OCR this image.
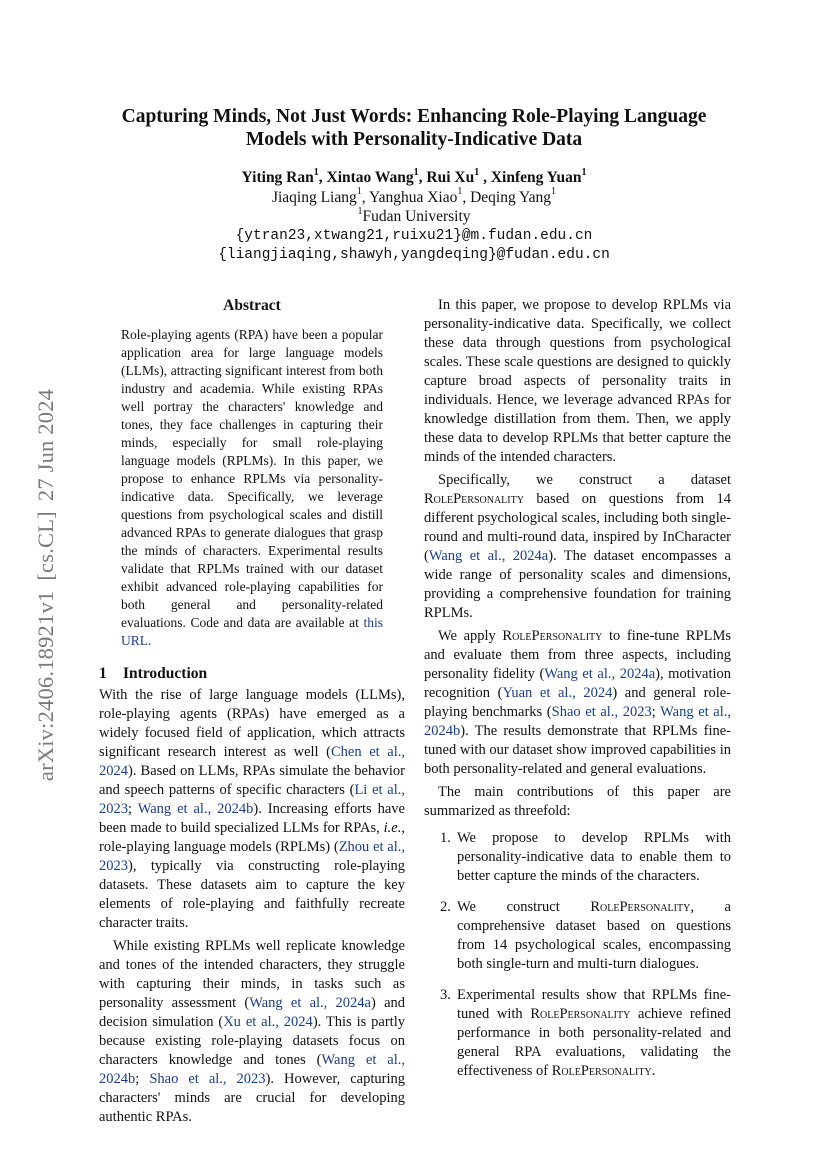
arXiv:2406.18921v1[cs.CL]27 Jun 2024
Capturing Minds, Not Just Words: Enhancing Role-Playing Language Models with Personality-Indicative Data
Yiting Ran$^1$, Xintao Wang$^1$, Rui Xu$^1$ , Xinfeng Yuan$^1$
Jiaqing Liang$^1$, Yanghua Xiao$^1$, Deqing Yang$^1$
$^1$Fudan University
{ytran23,xtwang21,ruixu21}@m.fudan.edu.cn
{liangjiaqing,shawyh,yangdeqing}@fudan.edu.cn
Abstract

Role-playing agents (RPA) have been a popular application area for large language models (LLMs), attracting significant interest from both industry and academia. While existing RPAs well portray the characters' knowledge and tones, they face challenges in capturing their minds, especially for small role-playing language models (RPLMs). In this paper, we propose to enhance RPLMs via personality-indicative data. Specifically, we leverage questions from psychological scales and distill advanced RPAs to generate dialogues that grasp the minds of characters. Experimental results validate that RPLMs trained with our dataset exhibit advanced role-playing capabilities for both general and personality-related evaluations. Code and data are available at this URL.

1 Introduction

With the rise of large language models (LLMs), role-playing agents (RPAs) have emerged as a widely focused field of application, which attracts significant research interest as well (Chen et al., 2024). Based on LLMs, RPAs simulate the behavior and speech patterns of specific characters (Li et al., 2023; Wang et al., 2024b). Increasing efforts have been made to build specialized LLMs for RPAs, i.e., role-playing language models (RPLMs) (Zhou et al., 2023), typically via constructing role-playing datasets. These datasets aim to capture the key elements of role-playing and faithfully recreate character traits.

While existing RPLMs well replicate knowledge and tones of the intended characters, they struggle with capturing their minds, in tasks such as personality assessment (Wang et al., 2024a) and decision simulation (Xu et al., 2024). This is partly because existing role-playing datasets focus on characters knowledge and tones (Wang et al., 2024b; Shao et al., 2023). However, capturing characters' minds are crucial for developing authentic RPAs.

In this paper, we propose to develop RPLMs via personality-indicative data. Specifically, we collect these data through questions from psychological scales. These scale questions are designed to quickly capture broad aspects of personality traits in individuals. Hence, we leverage advanced RPAs for knowledge distillation from them. Then, we apply these data to develop RPLMs that better capture the minds of the intended characters.

Specifically, we construct a dataset RolePersonality based on questions from 14 different psychological scales, including both single-round and multi-round data, inspired by InCharacter (Wang et al., 2024a). The dataset encompasses a wide range of personality scales and dimensions, providing a comprehensive foundation for training RPLMs.

We apply RolePersonality to fine-tune RPLMs and evaluate them from three aspects, including personality fidelity (Wang et al., 2024a), motivation recognition (Yuan et al., 2024) and general role-playing benchmarks (Shao et al., 2023; Wang et al., 2024b). The results demonstrate that RPLMs fine-tuned with our dataset show improved capabilities in both personality-related and general evaluations.

The main contributions of this paper are summarized as threefold:

1. We propose to develop RPLMs with personality-indicative data to enable them to better capture the minds of the characters.
2. We construct RolePersonality, a comprehensive dataset based on questions from 14 psychological scales, encompassing both single-turn and multi-turn dialogues.
3. Experimental results show that RPLMs fine-tuned with RolePersonality achieve refined performance in both personality-related and general RPA evaluations, validating the effectiveness of RolePersonality.
